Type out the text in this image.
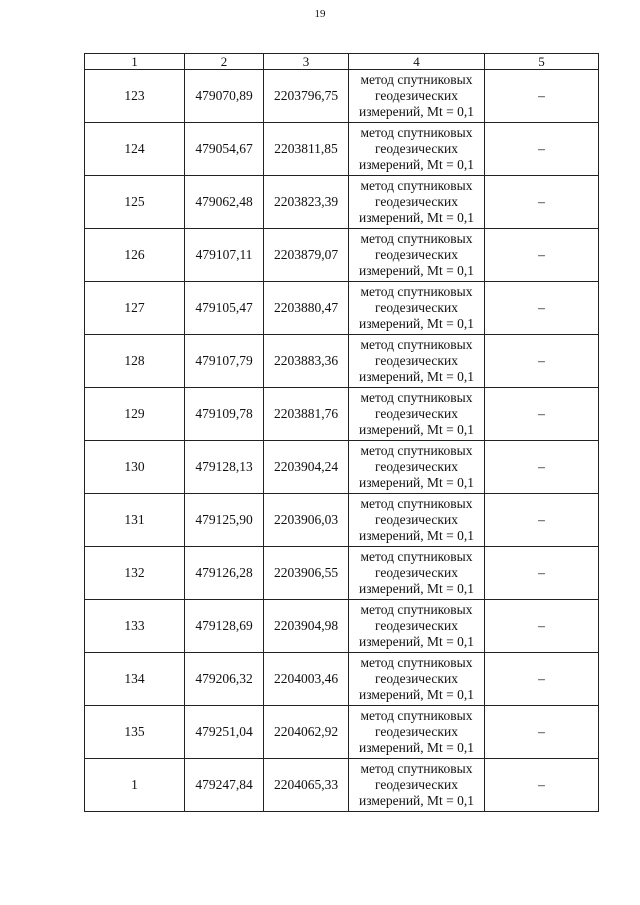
19
1	2	3	4	5
123	479070,89	2203796,75	метод спутниковых
геодезических
измерений, Mt = 0,1	–
124	479054,67	2203811,85	метод спутниковых
геодезических
измерений, Mt = 0,1	–
125	479062,48	2203823,39	метод спутниковых
геодезических
измерений, Mt = 0,1	–
126	479107,11	2203879,07	метод спутниковых
геодезических
измерений, Mt = 0,1	–
127	479105,47	2203880,47	метод спутниковых
геодезических
измерений, Mt = 0,1	–
128	479107,79	2203883,36	метод спутниковых
геодезических
измерений, Mt = 0,1	–
129	479109,78	2203881,76	метод спутниковых
геодезических
измерений, Mt = 0,1	–
130	479128,13	2203904,24	метод спутниковых
геодезических
измерений, Mt = 0,1	–
131	479125,90	2203906,03	метод спутниковых
геодезических
измерений, Mt = 0,1	–
132	479126,28	2203906,55	метод спутниковых
геодезических
измерений, Mt = 0,1	–
133	479128,69	2203904,98	метод спутниковых
геодезических
измерений, Mt = 0,1	–
134	479206,32	2204003,46	метод спутниковых
геодезических
измерений, Mt = 0,1	–
135	479251,04	2204062,92	метод спутниковых
геодезических
измерений, Mt = 0,1	–
1	479247,84	2204065,33	метод спутниковых
геодезических
измерений, Mt = 0,1	–
